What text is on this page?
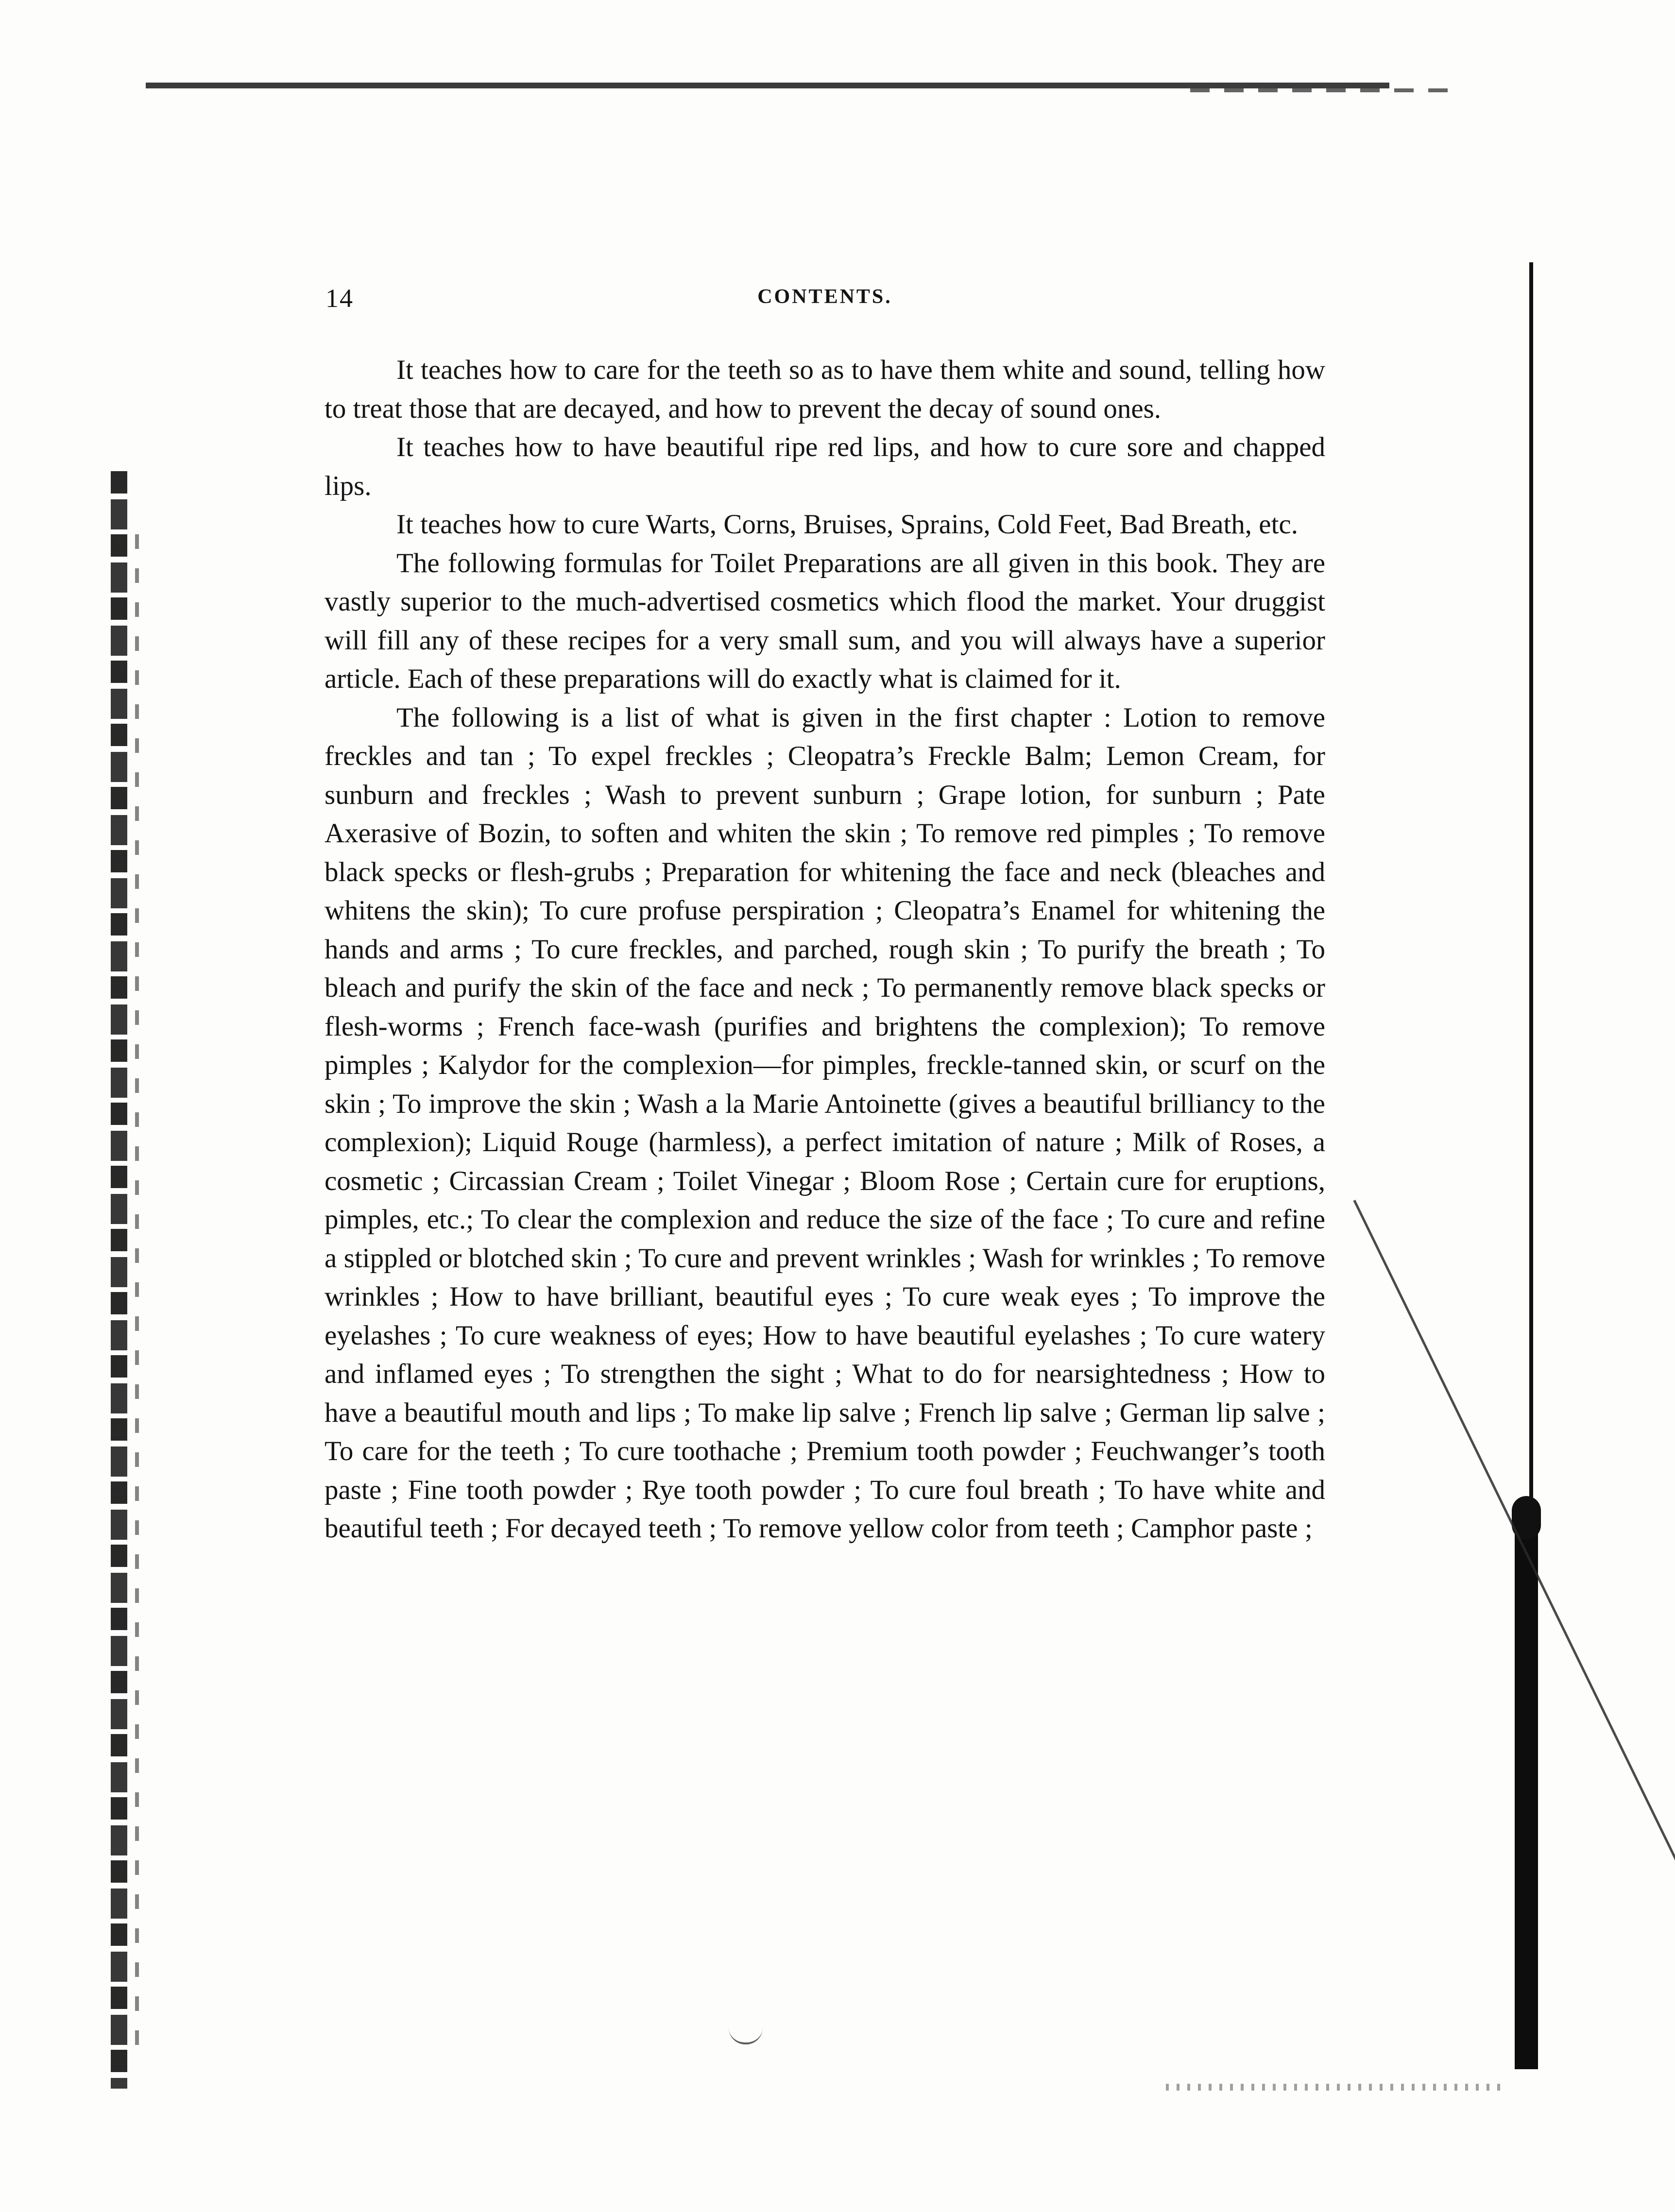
14	CONTENTS.

It teaches how to care for the teeth so as to have them white and sound, telling how to treat those that are decayed, and how to prevent the decay of sound ones.

It teaches how to have beautiful ripe red lips, and how to cure sore and chapped lips.

It teaches how to cure Warts, Corns, Bruises, Sprains, Cold Feet, Bad Breath, etc.

The following formulas for Toilet Preparations are all given in this book. They are vastly superior to the much-advertised cosmetics which flood the market. Your druggist will fill any of these recipes for a very small sum, and you will always have a superior article. Each of these preparations will do exactly what is claimed for it.

The following is a list of what is given in the first chapter : Lotion to remove freckles and tan ; To expel freckles ; Cleopatra’s Freckle Balm; Lemon Cream, for sunburn and freckles ; Wash to prevent sunburn ; Grape lotion, for sunburn ; Pate Axerasive of Bozin, to soften and whiten the skin ; To remove red pimples ; To remove black specks or flesh-grubs ; Preparation for whitening the face and neck (bleaches and whitens the skin); To cure profuse perspiration ; Cleopatra’s Enamel for whitening the hands and arms ; To cure freckles, and parched, rough skin ; To purify the breath ; To bleach and purify the skin of the face and neck ; To permanently remove black specks or flesh-worms ; French face-wash (purifies and brightens the complexion); To remove pimples ; Kalydor for the complexion—for pimples, freckle-tanned skin, or scurf on the skin ; To improve the skin ; Wash a la Marie Antoinette (gives a beautiful brilliancy to the complexion); Liquid Rouge (harmless), a perfect imitation of nature ; Milk of Roses, a cosmetic ; Circassian Cream ; Toilet Vinegar ; Bloom Rose ; Certain cure for eruptions, pimples, etc.; To clear the complexion and reduce the size of the face ; To cure and refine a stippled or blotched skin ; To cure and prevent wrinkles ; Wash for wrinkles ; To remove wrinkles ; How to have brilliant, beautiful eyes ; To cure weak eyes ; To improve the eyelashes ; To cure weakness of eyes; How to have beautiful eyelashes ; To cure watery and inflamed eyes ; To strengthen the sight ; What to do for nearsightedness ; How to have a beautiful mouth and lips ; To make lip salve ; French lip salve ; German lip salve ; To care for the teeth ; To cure toothache ; Premium tooth powder ; Feuchwanger’s tooth paste ; Fine tooth powder ; Rye tooth powder ; To cure foul breath ; To have white and beautiful teeth ; For decayed teeth ; To remove yellow color from teeth ; Camphor paste ;
